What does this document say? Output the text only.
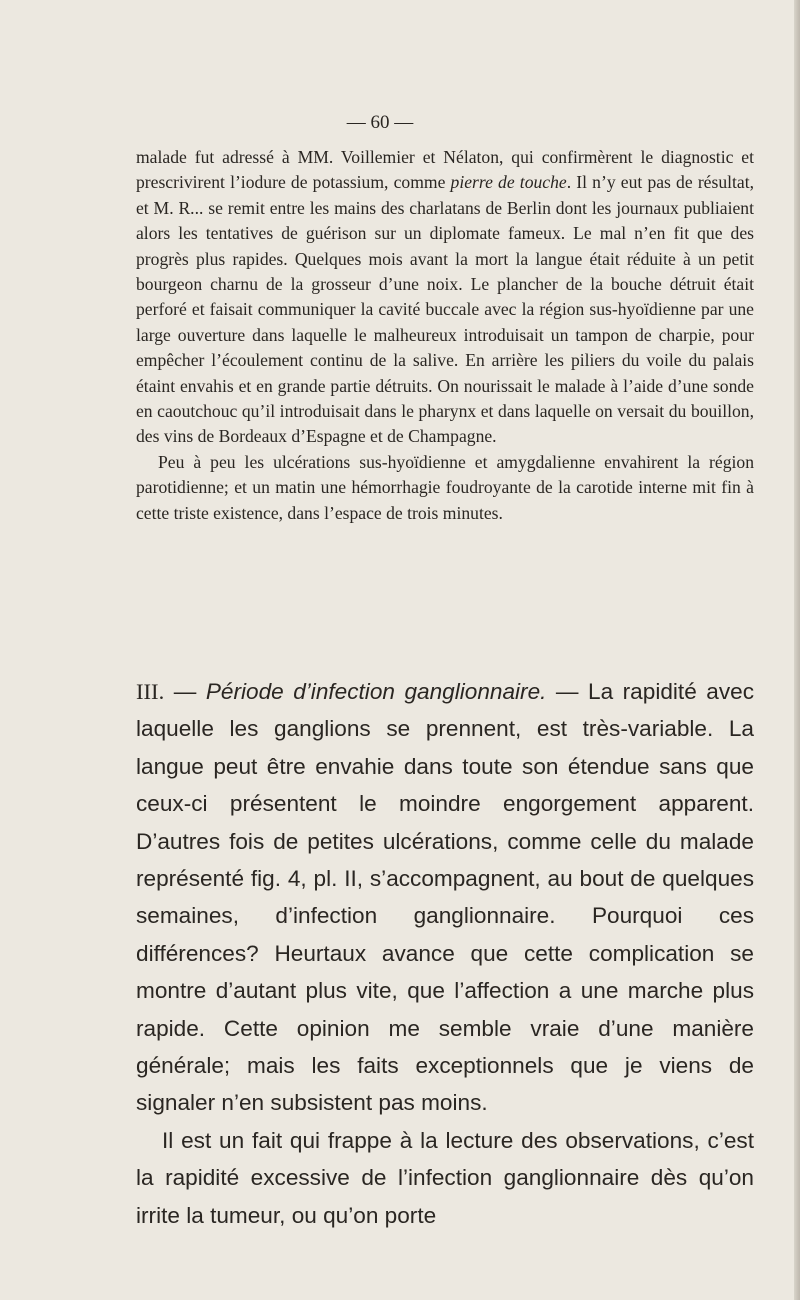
— 60 —

malade fut adressé à MM. Voillemier et Nélaton, qui confirmèrent le diagnostic et prescrivirent l’iodure de potassium, comme pierre de touche. Il n’y eut pas de résultat, et M. R... se remit entre les mains des charlatans de Berlin dont les journaux publiaient alors les tentatives de guérison sur un diplomate fameux. Le mal n’en fit que des progrès plus rapides. Quelques mois avant la mort la langue était réduite à un petit bourgeon charnu de la grosseur d’une noix. Le plancher de la bouche détruit était perforé et faisait communiquer la cavité buccale avec la région sus-hyoïdienne par une large ouverture dans laquelle le malheureux introduisait un tampon de charpie, pour empêcher l’écoulement continu de la salive. En arrière les piliers du voile du palais étaint envahis et en grande partie détruits. On nourissait le malade à l’aide d’une sonde en caoutchouc qu’il introduisait dans le pharynx et dans laquelle on versait du bouillon, des vins de Bordeaux d’Espagne et de Champagne.

Peu à peu les ulcérations sus-hyoïdienne et amygdalienne envahirent la région parotidienne; et un matin une hémorrhagie foudroyante de la carotide interne mit fin à cette triste existence, dans l’espace de trois minutes.

III. — Période d’infection ganglionnaire. — La rapidité avec laquelle les ganglions se prennent, est très-variable. La langue peut être envahie dans toute son étendue sans que ceux-ci présentent le moindre engorgement apparent. D’autres fois de petites ulcérations, comme celle du malade représenté fig. 4, pl. II, s’accompagnent, au bout de quelques semaines, d’infection ganglionnaire. Pourquoi ces différences? Heurtaux avance que cette complication se montre d’autant plus vite, que l’affection a une marche plus rapide. Cette opinion me semble vraie d’une manière générale; mais les faits exceptionnels que je viens de signaler n’en subsistent pas moins.

Il est un fait qui frappe à la lecture des observations, c’est la rapidité excessive de l’infection ganglionnaire dès qu’on irrite la tumeur, ou qu’on porte
